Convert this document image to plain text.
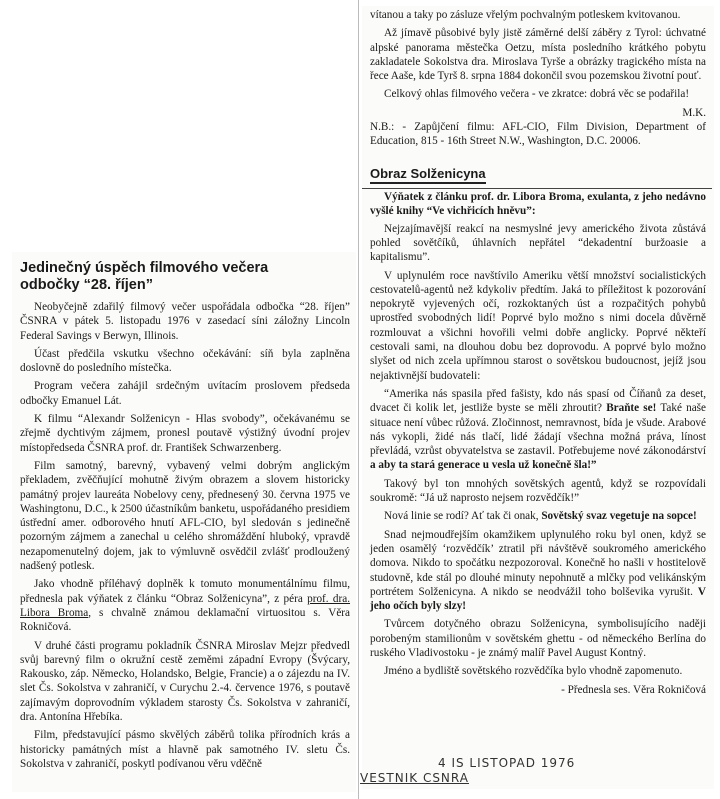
Jedinečný úspěch filmového večera

odbočky “28. říjen”

Neobyčejně zdařilý filmový večer uspořádala odbočka “28. říjen” ČSNRA v pátek 5. listopadu 1976 v zasedací síni záložny Lincoln Federal Savings v Berwyn, Illinois.

Účast předčila vskutku všechno očekávání: síň byla zaplněna doslovně do posledního místečka.

Program večera zahájil srdečným uvítacím proslovem předseda odbočky Emanuel Lát.

K filmu “Alexandr Solženicyn - Hlas svobody”, očekávanému se zřejmě dychtivým zájmem, pronesl poutavě výstižný úvodní projev místopředseda ČSNRA prof. dr. František Schwarzenberg.

Film samotný, barevný, vybavený velmi dobrým anglickým překladem, zvěčňující mohutně živým obrazem a slovem historicky památný projev laureáta Nobelovy ceny, přednesený 30. června 1975 ve Washingtonu, D.C., k 2500 účastníkům banketu, uspořádaného presidiem ústřední amer. odborového hnutí AFL-CIO, byl sledován s jedinečně pozorným zájmem a zanechal u celého shromáždění hluboký, vpravdě nezapomenutelný dojem, jak to výmluvně osvědčil zvlášť prodloužený nadšený potlesk.

Jako vhodně příléhavý doplněk k tomuto monumentálnímu filmu, přednesla pak výňatek z článku “Obraz Solženicyna”, z péra prof. dra. Libora Broma, s chvalně známou deklamační virtuositou s. Věra Rokničová.

V druhé části programu pokladník ČSNRA Miroslav Mejzr předvedl svůj barevný film o okružní cestě zeměmi západní Evropy (Švýcary, Rakousko, záp. Německo, Holandsko, Belgie, Francie) a o zájezdu na IV. slet Čs. Sokolstva v zahraničí, v Curychu 2.-4. července 1976, s poutavě zajímavým doprovodním výkladem starosty Čs. Sokolstva v zahraničí, dra. Antonína Hřebíka.

Film, představující pásmo skvělých záběrů tolika přírodních krás a historicky památných míst a hlavně pak samotného IV. sletu Čs. Sokolstva v zahraničí, poskytl podívanou věru vděčně

vítanou a taky po zásluze vřelým pochvalným potleskem kvitovanou.

Až jímavě působivé byly jistě záměrné delší záběry z Tyrol: úchvatné alpské panorama městečka Oetzu, místa posledního krátkého pobytu zakladatele Sokolstva dra. Miroslava Tyrše a obrázky tragického místa na řece Aaše, kde Tyrš 8. srpna 1884 dokončil svou pozemskou životní pouť.

Celkový ohlas filmového večera - ve zkratce: dobrá věc se podařila!

M.K.

N.B.: - Zapůjčení filmu: AFL-CIO, Film Division, Department of Education, 815 - 16th Street N.W., Washington, D.C. 20006.

Obraz Solženicyna

Výňatek z článku prof. dr. Libora Broma, exulanta, z jeho nedávno vyšlé knihy “Ve vichřicích hněvu”:

Nejzajímavější reakcí na nesmyslné jevy amerického života zůstává pohled sovětĉíků, úhlavních nepřátel “dekadentní buržoasie a kapitalismu”.

V uplynulém roce navštívilo Ameriku větší množství socialistických cestovatelů-agentů než kdykoliv předtím. Jaká to příležitost k pozorování nepokrytě vyjevených očí, rozkoktaných úst a rozpačitých pohybů uprostřed svobodných lidí! Poprvé bylo možno s nimi docela důvěrně rozmlouvat a všichni hovořili velmi dobře anglicky. Poprvé někteří cestovali sami, na dlouhou dobu bez doprovodu. A poprvé bylo možno slyšet od nich zcela upřímnou starost o sovětskou budoucnost, jejíž jsou nejaktivnější budovateli:

“Amerika nás spasila před fašisty, kdo nás spasí od Číňanů za deset, dvacet či kolik let, jestliže byste se měli zhroutit? Braňte se! Také naše situace není vůbec růžová. Zločinnost, nemravnost, bída je všude. Arabové nás vykopli, židé nás tlačí, lidé žádají všechna možná práva, línost převládá, vzrůst obyvatelstva se zastavil. Potřebujeme nové zákonodárství a aby ta stará generace u vesla už konečně šla!”

Takový byl ton mnohých sovětských agentů, když se rozpovídali soukromě: “Já už naprosto nejsem rozvědčík!”

Nová linie se rodí? Ať tak či onak, Sovětský svaz vegetuje na sopce!

Snad nejmoudřejším okamžikem uplynulého roku byl onen, když se jeden osamělý ‘rozvědčík’ ztratil při návštěvě soukromého amerického domova. Nikdo to spočátku nezpozoroval. Konečně ho našli v hostitelově studovně, kde stál po dlouhé minuty nepohnutě a mlčky pod velikánským portrétem Solženicyna. A nikdo se neodvážil toho bolševika vyrušit. V jeho očích byly slzy!

Tvůrcem dotyčného obrazu Solženicyna, symbolisujícího naději porobeným stamilionům v sovětském ghettu - od německého Berlína do ruského Vladivostoku - je známý malíř Pavel August Kontný.

Jméno a bydliště sovětského rozvědčíka bylo vhodně zapomenuto.

- Přednesla ses. Věra Rokničová

VESTNIK CSNRA
4 IS LISTOPAD 1976
